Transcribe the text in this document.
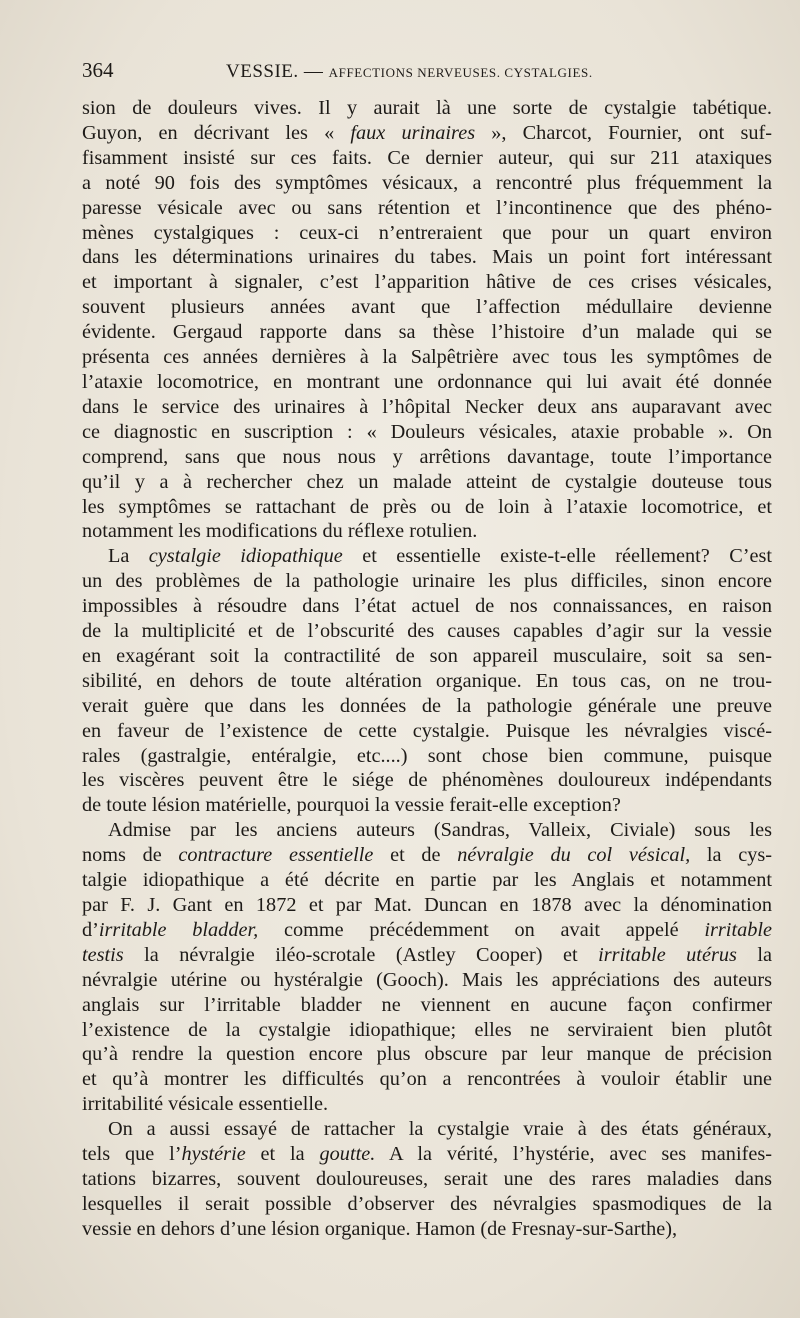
364	VESSIE. — AFFECTIONS NERVEUSES. CYSTALGIES.

sion de douleurs vives. Il y aurait là une sorte de cystalgie tabétique.
Guyon, en décrivant les « faux urinaires », Charcot, Fournier, ont suf-
fisamment insisté sur ces faits. Ce dernier auteur, qui sur 211 ataxiques
a noté 90 fois des symptômes vésicaux, a rencontré plus fréquemment la
paresse vésicale avec ou sans rétention et l’incontinence que des phéno-
mènes cystalgiques : ceux-ci n’entreraient que pour un quart environ
dans les déterminations urinaires du tabes. Mais un point fort intéressant
et important à signaler, c’est l’apparition hâtive de ces crises vésicales,
souvent plusieurs années avant que l’affection médullaire devienne
évidente. Gergaud rapporte dans sa thèse l’histoire d’un malade qui se
présenta ces années dernières à la Salpêtrière avec tous les symptômes de
l’ataxie locomotrice, en montrant une ordonnance qui lui avait été donnée
dans le service des urinaires à l’hôpital Necker deux ans auparavant avec
ce diagnostic en suscription : « Douleurs vésicales, ataxie probable ». On
comprend, sans que nous nous y arrêtions davantage, toute l’importance
qu’il y a à rechercher chez un malade atteint de cystalgie douteuse tous
les symptômes se rattachant de près ou de loin à l’ataxie locomotrice, et
notamment les modifications du réflexe rotulien.

La cystalgie idiopathique et essentielle existe-t-elle réellement? C’est
un des problèmes de la pathologie urinaire les plus difficiles, sinon encore
impossibles à résoudre dans l’état actuel de nos connaissances, en raison
de la multiplicité et de l’obscurité des causes capables d’agir sur la vessie
en exagérant soit la contractilité de son appareil musculaire, soit sa sen-
sibilité, en dehors de toute altération organique. En tous cas, on ne trou-
verait guère que dans les données de la pathologie générale une preuve
en faveur de l’existence de cette cystalgie. Puisque les névralgies viscé-
rales (gastralgie, entéralgie, etc....) sont chose bien commune, puisque
les viscères peuvent être le siége de phénomènes douloureux indépendants
de toute lésion matérielle, pourquoi la vessie ferait-elle exception?

Admise par les anciens auteurs (Sandras, Valleix, Civiale) sous les
noms de contracture essentielle et de névralgie du col vésical, la cys-
talgie idiopathique a été décrite en partie par les Anglais et notamment
par F. J. Gant en 1872 et par Mat. Duncan en 1878 avec la dénomination
d’irritable bladder, comme précédemment on avait appelé irritable
testis la névralgie iléo-scrotale (Astley Cooper) et irritable utérus la
névralgie utérine ou hystéralgie (Gooch). Mais les appréciations des auteurs
anglais sur l’irritable bladder ne viennent en aucune façon confirmer
l’existence de la cystalgie idiopathique; elles ne serviraient bien plutôt
qu’à rendre la question encore plus obscure par leur manque de précision
et qu’à montrer les difficultés qu’on a rencontrées à vouloir établir une
irritabilité vésicale essentielle.

On a aussi essayé de rattacher la cystalgie vraie à des états généraux,
tels que l’hystérie et la goutte. A la vérité, l’hystérie, avec ses manifes-
tations bizarres, souvent douloureuses, serait une des rares maladies dans
lesquelles il serait possible d’observer des névralgies spasmodiques de la
vessie en dehors d’une lésion organique. Hamon (de Fresnay-sur-Sarthe),
